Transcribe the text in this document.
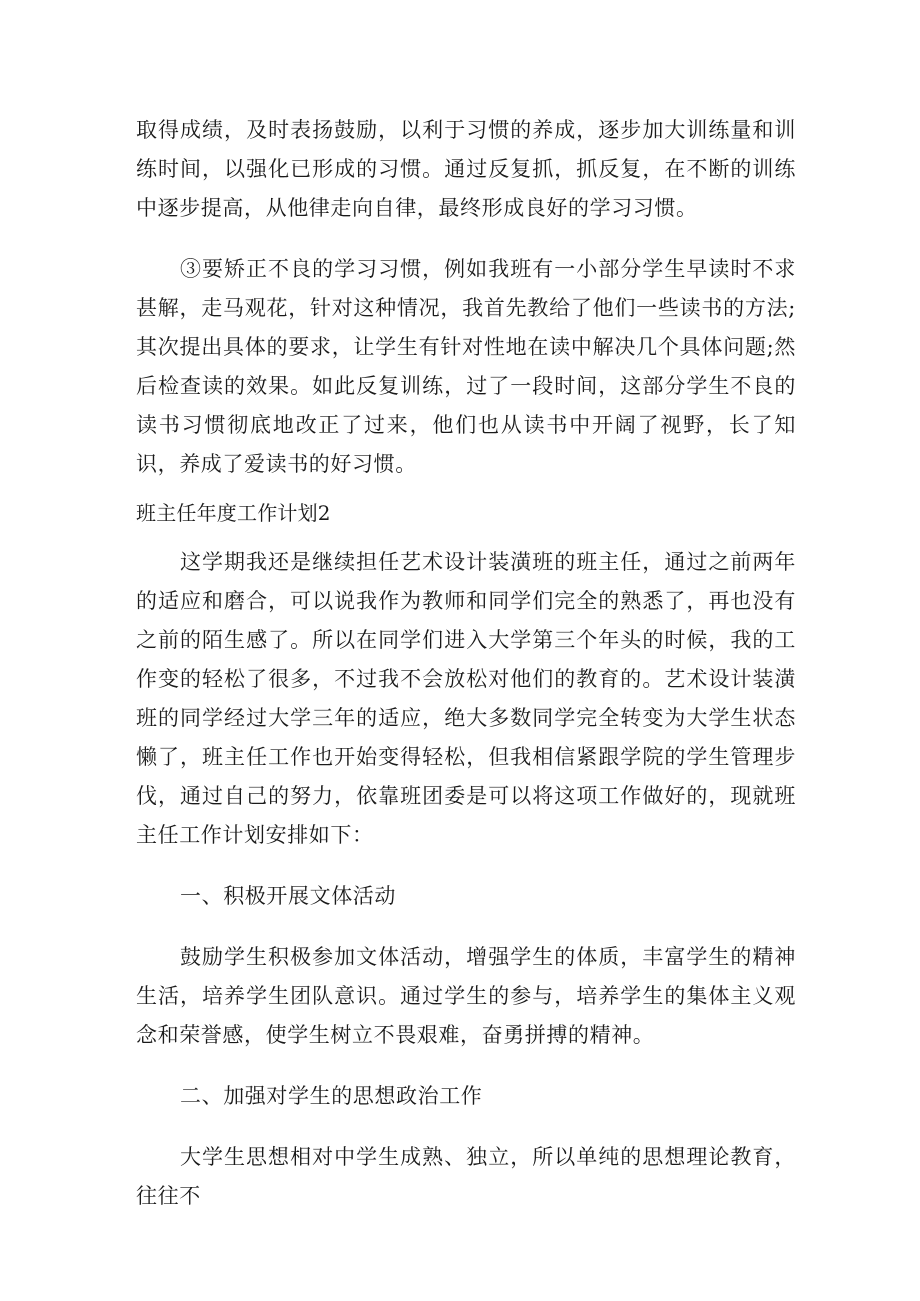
取得成绩，及时表扬鼓励，以利于习惯的养成，逐步加大训练量和训练时间，以强化已形成的习惯。通过反复抓，抓反复，在不断的训练中逐步提高，从他律走向自律，最终形成良好的学习习惯。

③要矫正不良的学习习惯，例如我班有一小部分学生早读时不求甚解，走马观花，针对这种情况，我首先教给了他们一些读书的方法;其次提出具体的要求，让学生有针对性地在读中解决几个具体问题;然后检查读的效果。如此反复训练，过了一段时间，这部分学生不良的读书习惯彻底地改正了过来，他们也从读书中开阔了视野，长了知识，养成了爱读书的好习惯。

班主任年度工作计划2

这学期我还是继续担任艺术设计装潢班的班主任，通过之前两年的适应和磨合，可以说我作为教师和同学们完全的熟悉了，再也没有之前的陌生感了。所以在同学们进入大学第三个年头的时候，我的工作变的轻松了很多，不过我不会放松对他们的教育的。艺术设计装潢班的同学经过大学三年的适应，绝大多数同学完全转变为大学生状态懒了，班主任工作也开始变得轻松，但我相信紧跟学院的学生管理步伐，通过自己的努力，依靠班团委是可以将这项工作做好的，现就班主任工作计划安排如下：

一、积极开展文体活动

鼓励学生积极参加文体活动，增强学生的体质，丰富学生的精神生活，培养学生团队意识。通过学生的参与，培养学生的集体主义观念和荣誉感，使学生树立不畏艰难，奋勇拼搏的精神。

二、加强对学生的思想政治工作

大学生思想相对中学生成熟、独立，所以单纯的思想理论教育，往往不
